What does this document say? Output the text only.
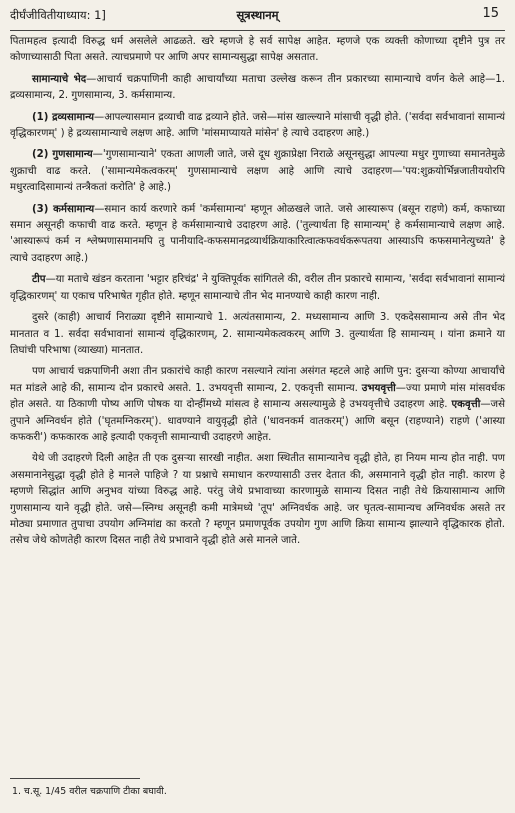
दीर्घंजीवितीयाध्याय: 1]	सूत्रस्थानम्	15

पितामहत्व इत्यादी विरुद्ध धर्म असलेले आढळते. खरे म्हणजे हे सर्व सापेक्ष आहेत. म्हणजे एक व्यक्ती कोणाच्या दृष्टीने पुत्र तर कोणाच्यासाठी पिता असते. त्याचप्रमाणे पर आणि अपर सामान्यसुद्धा सापेक्ष असतात.

सामान्याचे भेद—आचार्य चक्रपाणिनी काही आचार्यांच्या मताचा उल्लेख करून तीन प्रकारच्या सामान्याचे वर्णन केले आहे—1. द्रव्यसामान्य, 2. गुणसामान्य, 3. कर्मसामान्य.

(1) द्रव्यसामान्य—आपल्यासमान द्रव्याची वाढ द्रव्याने होते. जसे—मांस खाल्ल्याने मांसाची वृद्धी होते. ('सर्वदा सर्वभावानां सामान्यं वृद्धिकारणम्' ) हे द्रव्यसामान्याचे लक्षण आहे. आणि 'मांसमाप्यायते मांसेन' हे त्याचे उदाहरण आहे.)

(2) गुणसामान्य—'गुणसामान्याने' एकता आणली जाते, जसे दूध शुक्राप्रेक्षा निराळे असूनसुद्धा आपल्या मधुर गुणाच्या समानतेमुळे शुक्राची वाढ करते. ('सामान्यमेकत्वकरम्' गुणसामान्याचे लक्षण आहे आणि त्याचे उदाहरण—'पय:शुक्रयोर्भिन्नजातीययोरपि मधुरत्वादिसामान्यं तन्त्रैकतां करोति' हे आहे.)

(3) कर्मसामान्य—समान कार्य करणारे कर्म 'कर्मसामान्य' म्हणून ओळखले जाते. जसे आस्यारूप (बसून राहणे) कर्म, कफाच्या समान असूनही कफाची वाढ करते. म्हणून हे कर्मसामान्याचे उदाहरण आहे. ('तुल्यार्थता हि सामान्यम्' हे कर्मसामान्याचे लक्षण आहे. 'आस्यारूपं कर्म न श्लेष्मणासमानमपि तु पानीयादि-कफसमानद्रव्यार्थक्रियाकारित्वात्कफवर्धकरूपतया आस्याऽपि कफसमानेत्युच्यते' हे त्याचे उदाहरण आहे.)

टीप—या मताचे खंडन करताना 'भट्टार हरिचंद्र' ने युक्तिपूर्वक सांगितले की, वरील तीन प्रकारचे सामान्य, 'सर्वदा सर्वभावानां सामान्यं वृद्धिकारणम्' या एकाच परिभाषेत गृहीत होते. म्हणून सामान्याचे तीन भेद मानण्याचे काही कारण नाही.

दुसरे (काही) आचार्य निराळ्या दृष्टीने सामान्याचे 1. अत्यंतसामान्य, 2. मध्यसामान्य आणि 3. एकदेससामान्य असे तीन भेद मानतात व 1. सर्वदा सर्वभावानां सामान्यं वृद्धिकारणम्, 2. सामान्यमेकत्वकरम् आणि 3. तुल्यार्थता हि सामान्यम् । यांना क्रमाने या तिघांची परिभाषा (व्याख्या) मानतात.

पण आचार्य चक्रपाणिनी अशा तीन प्रकारांचे काही कारण नसल्याने त्यांना असंगत म्हटले आहे आणि पुन: दुसऱ्या कोण्या आचार्यांचे मत मांडले आहे की, सामान्य दोन प्रकारचे असते. 1. उभयवृत्ती सामान्य, 2. एकवृत्ती सामान्य. उभयवृत्ती—ज्या प्रमाणे मांस मांसवर्धक होत असते. या ठिकाणी पोष्य आणि पोषक या दोन्हींमध्ये मांसत्व हे सामान्य असल्यामुळे हे उभयवृत्तीचे उदाहरण आहे. एकवृत्ती—जसे तुपाने अग्निवर्धन होते ('घृतमग्निकरम्'). धावण्याने वायुवृद्धी होते ('धावनकर्म वातकरम्') आणि बसून (राहण्याने) राहणे ('आस्या कफकरी') कफकारक आहे इत्यादी एकवृत्ती सामान्याची उदाहरणे आहेत.

येथे जी उदाहरणे दिली आहेत ती एक दुसऱ्या सारखी नाहीत. अशा स्थितीत सामान्यानेच वृद्धी होते, हा नियम मान्य होत नाही. पण असमानानेसुद्धा वृद्धी होते हे मानले पाहिजे ? या प्रश्नाचे समाधान करण्यासाठी उत्तर देतात की, असमानाने वृद्धी होत नाही. कारण हे म्हणणे सिद्धांत आणि अनुभव यांच्या विरुद्ध आहे. परंतु जेथे प्रभावाच्या कारणामुळे सामान्य दिसत नाही तेथे क्रियासामान्य आणि गुणसामान्य याने वृद्धी होते. जसे—स्निग्ध असूनही कमी मात्रेमध्ये 'तूप' अग्निवर्धक आहे. जर घृतत्व-सामान्यच अग्निवर्धक असते तर मोठ्या प्रमाणात तुपाचा उपयोग अग्निमांद्य का करतो ? म्हणून प्रमाणपूर्वक उपयोग गुण आणि क्रिया सामान्य झाल्याने वृद्धिकारक होतो. तसेच जेथे कोणतेही कारण दिसत नाही तेथे प्रभावाने वृद्धी होते असे मानले जाते.

1. च.सू. 1/45 वरील चक्रपाणि टीका बघावी.
